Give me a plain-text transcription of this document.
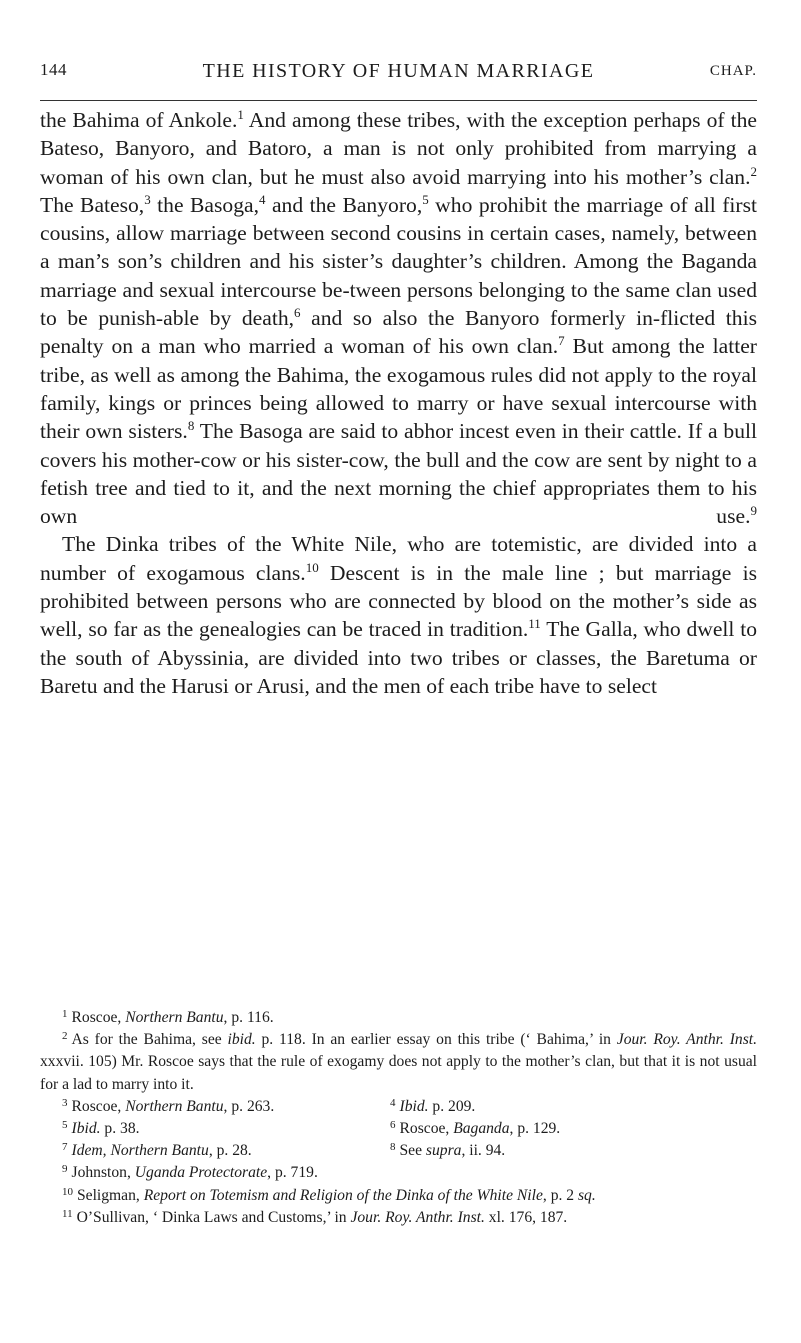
144	THE HISTORY OF HUMAN MARRIAGE	CHAP.

the Bahima of Ankole.$^1$ And among these tribes, with the exception perhaps of the Bateso, Banyoro, and Batoro, a man is not only prohibited from marrying a woman of his own clan, but he must also avoid marrying into his mother’s clan.$^2$ The Bateso,$^3$ the Basoga,$^4$ and the Banyoro,$^5$ who prohibit the marriage of all first cousins, allow marriage between second cousins in certain cases, namely, between a man’s son’s children and his sister’s daughter’s children. Among the Baganda marriage and sexual intercourse be-tween persons belonging to the same clan used to be punish-able by death,$^6$ and so also the Banyoro formerly in-flicted this penalty on a man who married a woman of his own clan.$^7$ But among the latter tribe, as well as among the Bahima, the exogamous rules did not apply to the royal family, kings or princes being allowed to marry or have sexual intercourse with their own sisters.$^8$ The Basoga are said to abhor incest even in their cattle. If a bull covers his mother-cow or his sister-cow, the bull and the cow are sent by night to a fetish tree and tied to it, and the next morning the chief appropriates them to his own use.$^9$

The Dinka tribes of the White Nile, who are totemistic, are divided into a number of exogamous clans.$^{10}$ Descent is in the male line ; but marriage is prohibited between persons who are connected by blood on the mother’s side as well, so far as the genealogies can be traced in tradition.$^{11}$ The Galla, who dwell to the south of Abyssinia, are divided into two tribes or classes, the Baretuma or Baretu and the Harusi or Arusi, and the men of each tribe have to select

$^1$ Roscoe, Northern Bantu, p. 116.
$^2$ As for the Bahima, see ibid. p. 118. In an earlier essay on this tribe (‘ Bahima,’ in Jour. Roy. Anthr. Inst. xxxvii. 105) Mr. Roscoe says that the rule of exogamy does not apply to the mother’s clan, but that it is not usual for a lad to marry into it.
$^3$ Roscoe, Northern Bantu, p. 263.	$^4$ Ibid. p. 209.
$^5$ Ibid. p. 38.	$^6$ Roscoe, Baganda, p. 129.
$^7$ Idem, Northern Bantu, p. 28.	$^8$ See supra, ii. 94.
$^9$ Johnston, Uganda Protectorate, p. 719.
$^{10}$ Seligman, Report on Totemism and Religion of the Dinka of the White Nile, p. 2 sq.
$^{11}$ O’Sullivan, ‘ Dinka Laws and Customs,’ in Jour. Roy. Anthr. Inst. xl. 176, 187.
